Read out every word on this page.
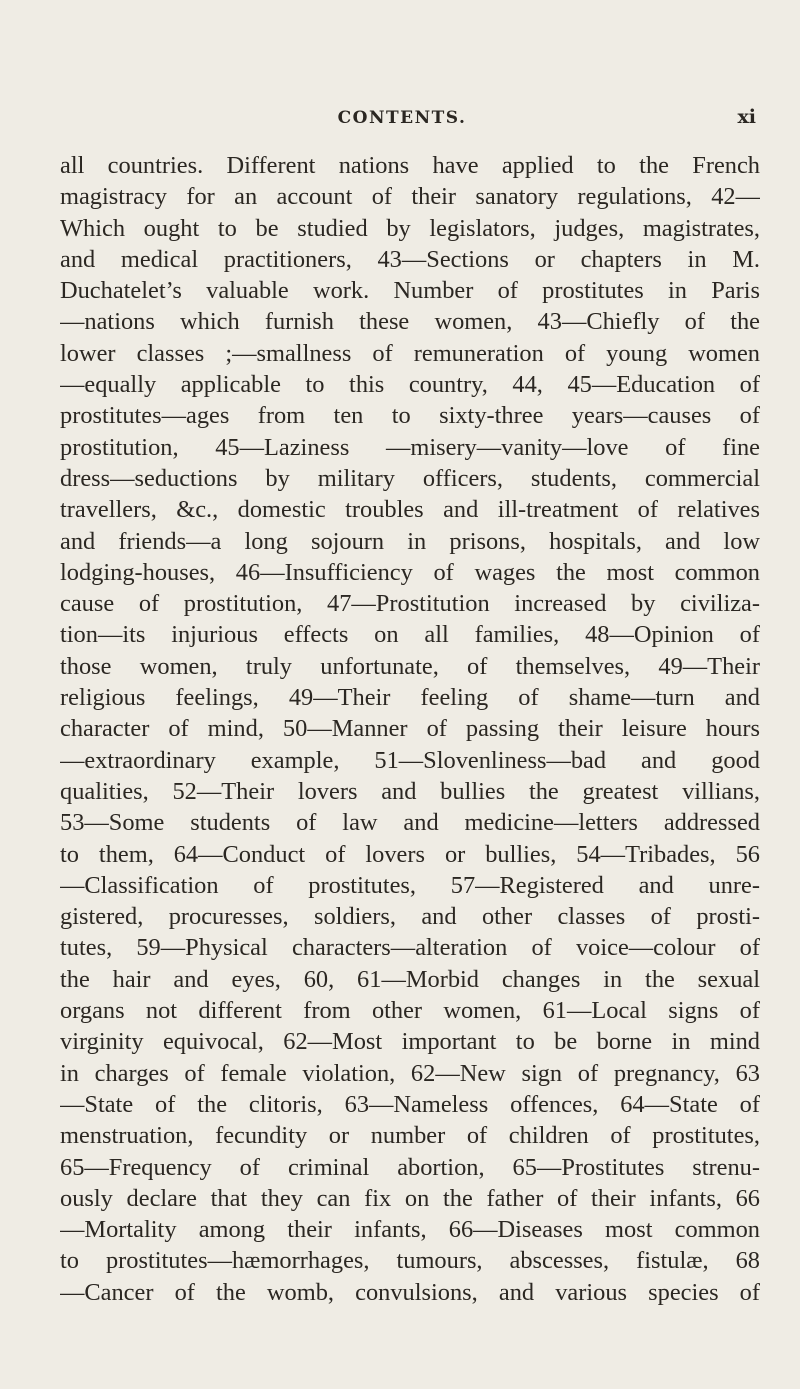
CONTENTS.	xi
all countries. Different nations have applied to the French
magistracy for an account of their sanatory regulations, 42—
Which ought to be studied by legislators, judges, magistrates,
and medical practitioners, 43—Sections or chapters in M.
Duchatelet’s valuable work. Number of prostitutes in Paris
—nations which furnish these women, 43—Chiefly of the
lower classes ;—smallness of remuneration of young women
—equally applicable to this country, 44, 45—Education of
prostitutes—ages from ten to sixty-three years—causes of
prostitution, 45—Laziness —misery—vanity—love of fine
dress—seductions by military officers, students, commercial
travellers, &c., domestic troubles and ill-treatment of relatives
and friends—a long sojourn in prisons, hospitals, and low
lodging-houses, 46—Insufficiency of wages the most common
cause of prostitution, 47—Prostitution increased by civiliza-
tion—its injurious effects on all families, 48—Opinion of
those women, truly unfortunate, of themselves, 49—Their
religious feelings, 49—Their feeling of shame—turn and
character of mind, 50—Manner of passing their leisure hours
—extraordinary example, 51—Slovenliness—bad and good
qualities, 52—Their lovers and bullies the greatest villians,
53—Some students of law and medicine—letters addressed
to them, 64—Conduct of lovers or bullies, 54—Tribades, 56
—Classification of prostitutes, 57—Registered and unre-
gistered, procuresses, soldiers, and other classes of prosti-
tutes, 59—Physical characters—alteration of voice—colour of
the hair and eyes, 60, 61—Morbid changes in the sexual
organs not different from other women, 61—Local signs of
virginity equivocal, 62—Most important to be borne in mind
in charges of female violation, 62—New sign of pregnancy, 63
—State of the clitoris, 63—Nameless offences, 64—State of
menstruation, fecundity or number of children of prostitutes,
65—Frequency of criminal abortion, 65—Prostitutes strenu-
ously declare that they can fix on the father of their infants, 66
—Mortality among their infants, 66—Diseases most common
to prostitutes—hæmorrhages, tumours, abscesses, fistulæ, 68
—Cancer of the womb, convulsions, and various species of
